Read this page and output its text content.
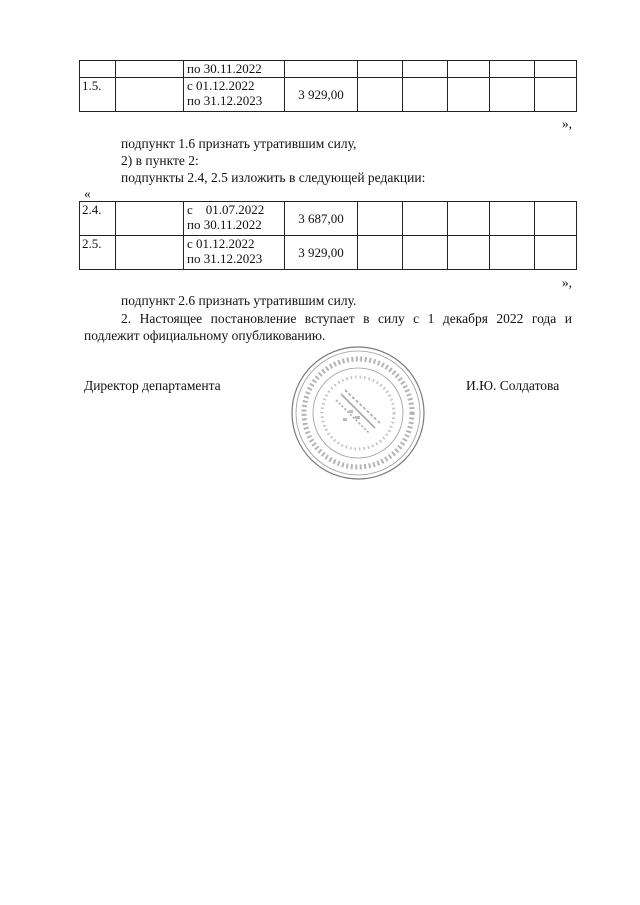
		по 30.11.2022						

1.5.		с 01.12.2022
по 31.12.2023	3 929,00					
»,
подпункт 1.6 признать утратившим силу,
2) в пункте 2:
подпункты 2.4, 2.5 изложить в следующей редакции:
«
2.4.		с    01.07.2022
по 30.11.2022	3 687,00					
2.5.		с 01.12.2022
по 31.12.2023	3 929,00					
»,
подпункт 2.6 признать утратившим силу.
2. Настоящее постановление вступает в силу с 1 декабря 2022 года и подлежит официальному опубликованию.
Директор департамента	И.Ю. Солдатова
